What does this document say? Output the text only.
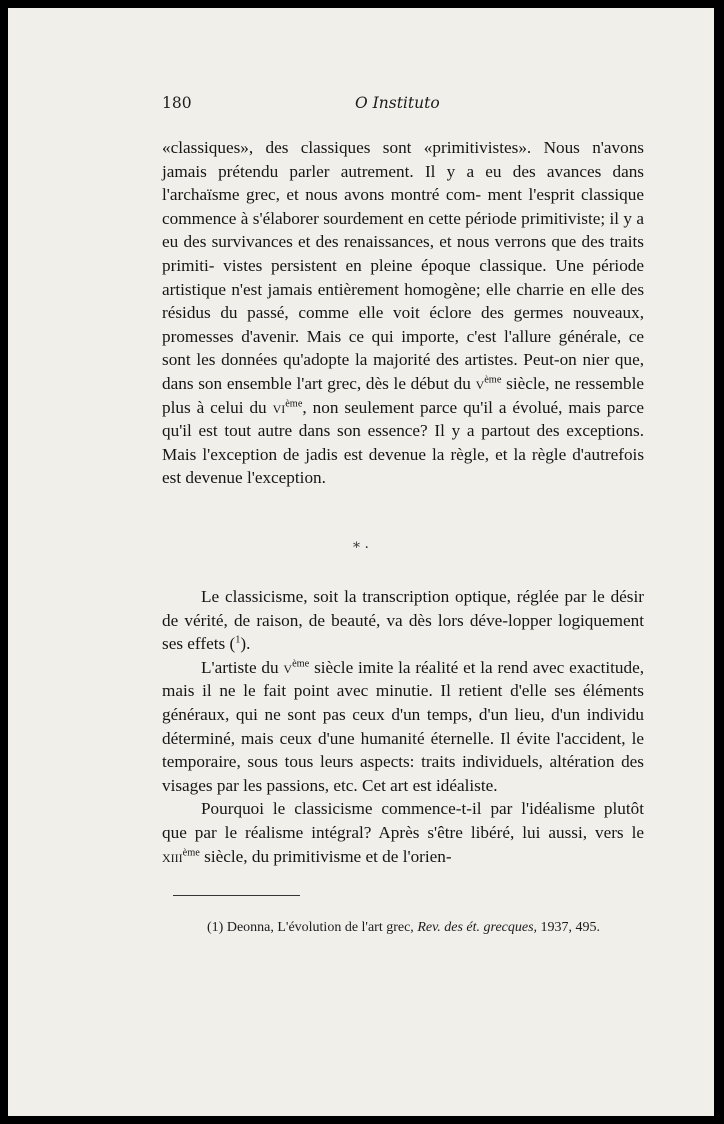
180	O Instituto

«classiques», des classiques sont «primitivistes». Nous n'avons jamais prétendu parler autrement. Il y a eu des avances dans l'archaïsme grec, et nous avons montré com- ment l'esprit classique commence à s'élaborer sourdement en cette période primitiviste; il y a eu des survivances et des renaissances, et nous verrons que des traits primiti- vistes persistent en pleine époque classique. Une période artistique n'est jamais entièrement homogène; elle charrie en elle des résidus du passé, comme elle voit éclore des germes nouveaux, promesses d'avenir. Mais ce qui importe, c'est l'allure générale, ce sont les données qu'adopte la majorité des artistes. Peut-on nier que, dans son ensemble l'art grec, dès le début du $v^{ème}$ siècle, ne ressemble plus à celui du $vi^{ème}$, non seulement parce qu'il a évolué, mais parce qu'il est tout autre dans son essence? Il y a partout des exceptions. Mais l'exception de jadis est devenue la règle, et la règle d'autrefois est devenue l'exception.

* ·

Le classicisme, soit la transcription optique, réglée par le désir de vérité, de raison, de beauté, va dès lors déve-lopper logiquement ses effets ($^1$).

L'artiste du $v^{ème}$ siècle imite la réalité et la rend avec exactitude, mais il ne le fait point avec minutie. Il retient d'elle ses éléments généraux, qui ne sont pas ceux d'un temps, d'un lieu, d'un individu déterminé, mais ceux d'une humanité éternelle. Il évite l'accident, le temporaire, sous tous leurs aspects: traits individuels, altération des visages par les passions, etc. Cet art est idéaliste.

Pourquoi le classicisme commence-t-il par l'idéalisme plutôt que par le réalisme intégral? Après s'être libéré, lui aussi, vers le xiii$^{ème}$ siècle, du primitivisme et de l'orien-

(1) Deonna, L'évolution de l'art grec, Rev. des ét. grecques, 1937, 495.
